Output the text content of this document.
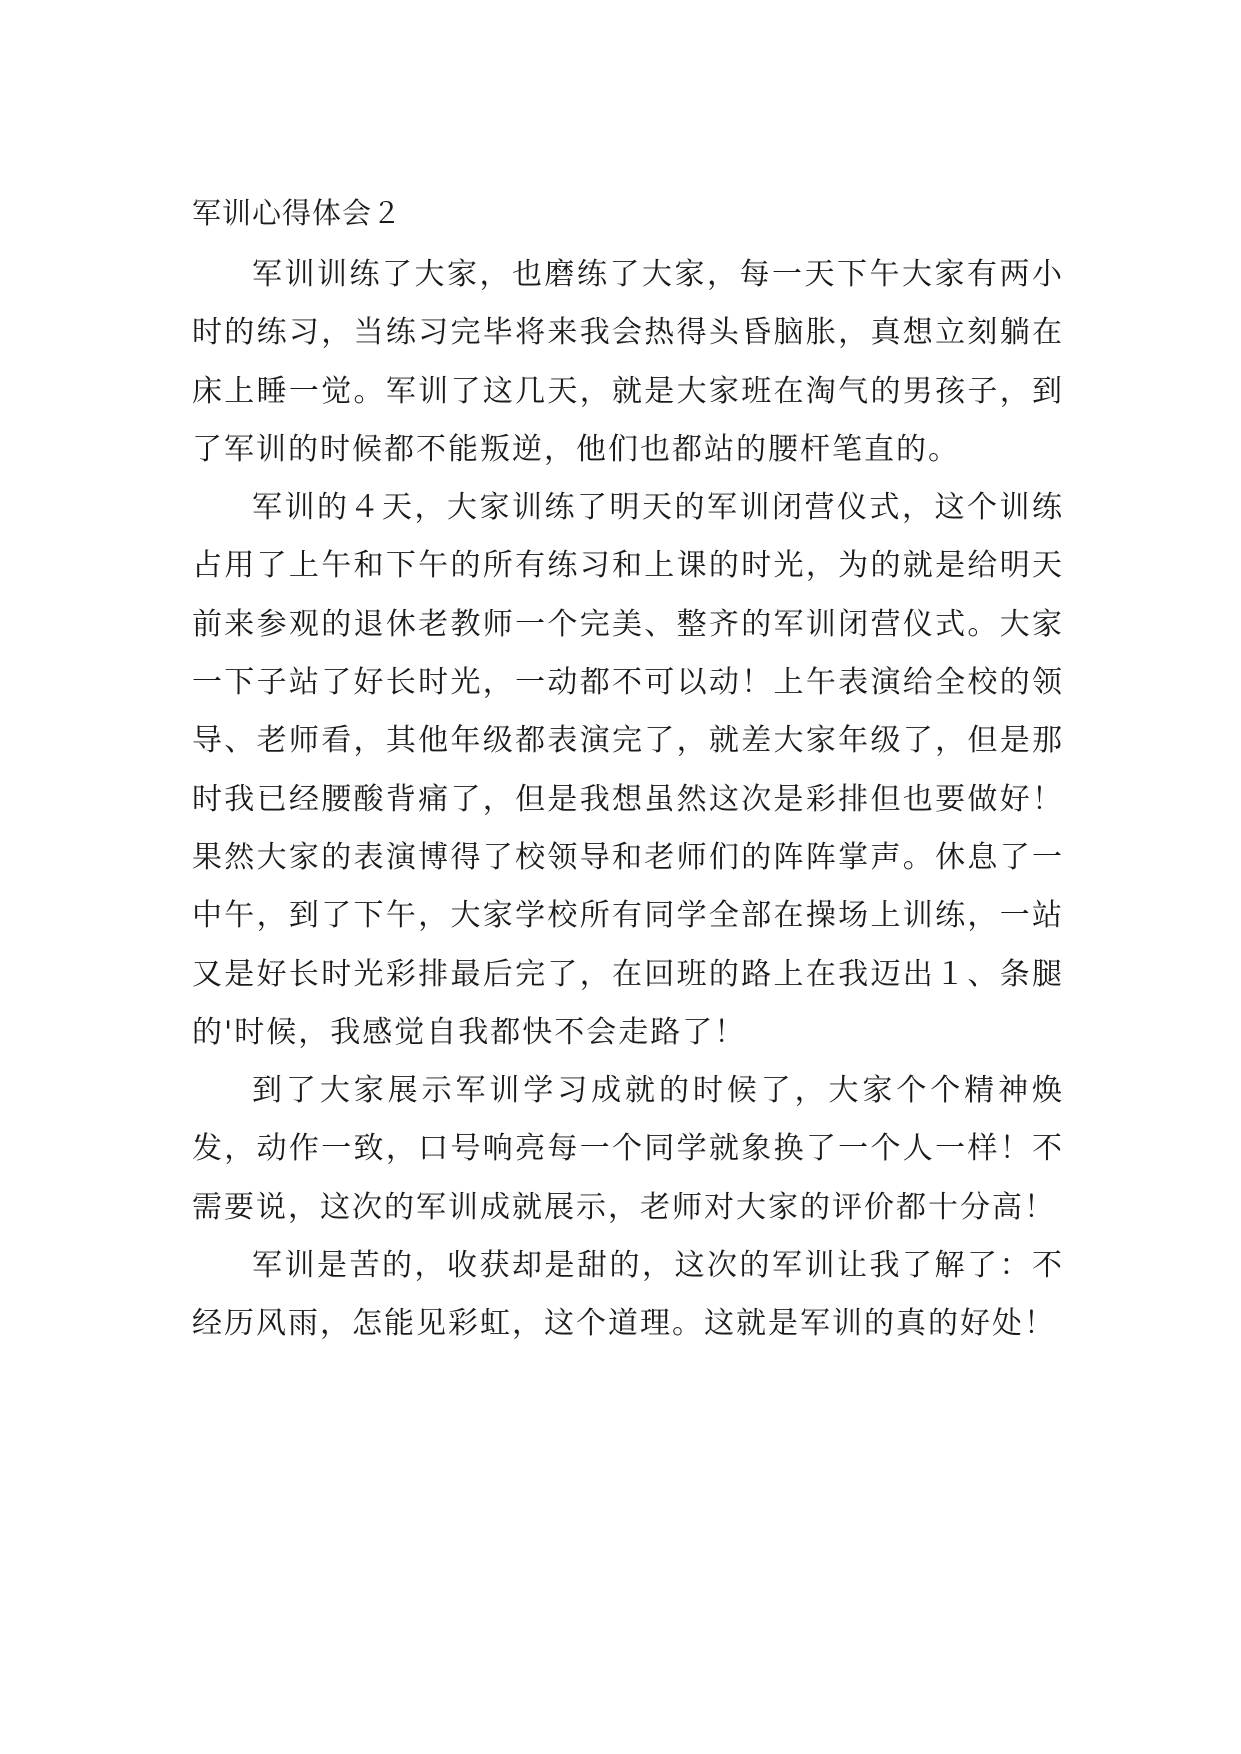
军训心得体会２

军训训练了大家，也磨练了大家，每一天下午大家有两小时的练习，当练习完毕将来我会热得头昏脑胀，真想立刻躺在床上睡一觉。军训了这几天，就是大家班在淘气的男孩子，到了军训的时候都不能叛逆，他们也都站的腰杆笔直的。

军训的４天，大家训练了明天的军训闭营仪式，这个训练占用了上午和下午的所有练习和上课的时光，为的就是给明天前来参观的退休老教师一个完美、整齐的军训闭营仪式。大家一下子站了好长时光，一动都不可以动！上午表演给全校的领导、老师看，其他年级都表演完了，就差大家年级了，但是那时我已经腰酸背痛了，但是我想虽然这次是彩排但也要做好！果然大家的表演博得了校领导和老师们的阵阵掌声。休息了一中午，到了下午，大家学校所有同学全部在操场上训练，一站又是好长时光彩排最后完了，在回班的路上在我迈出１、条腿的'时候，我感觉自我都快不会走路了！

到了大家展示军训学习成就的时候了，大家个个精神焕发，动作一致，口号响亮每一个同学就象换了一个人一样！不需要说，这次的军训成就展示，老师对大家的评价都十分高！

军训是苦的，收获却是甜的，这次的军训让我了解了：不经历风雨，怎能见彩虹，这个道理。这就是军训的真的好处！
